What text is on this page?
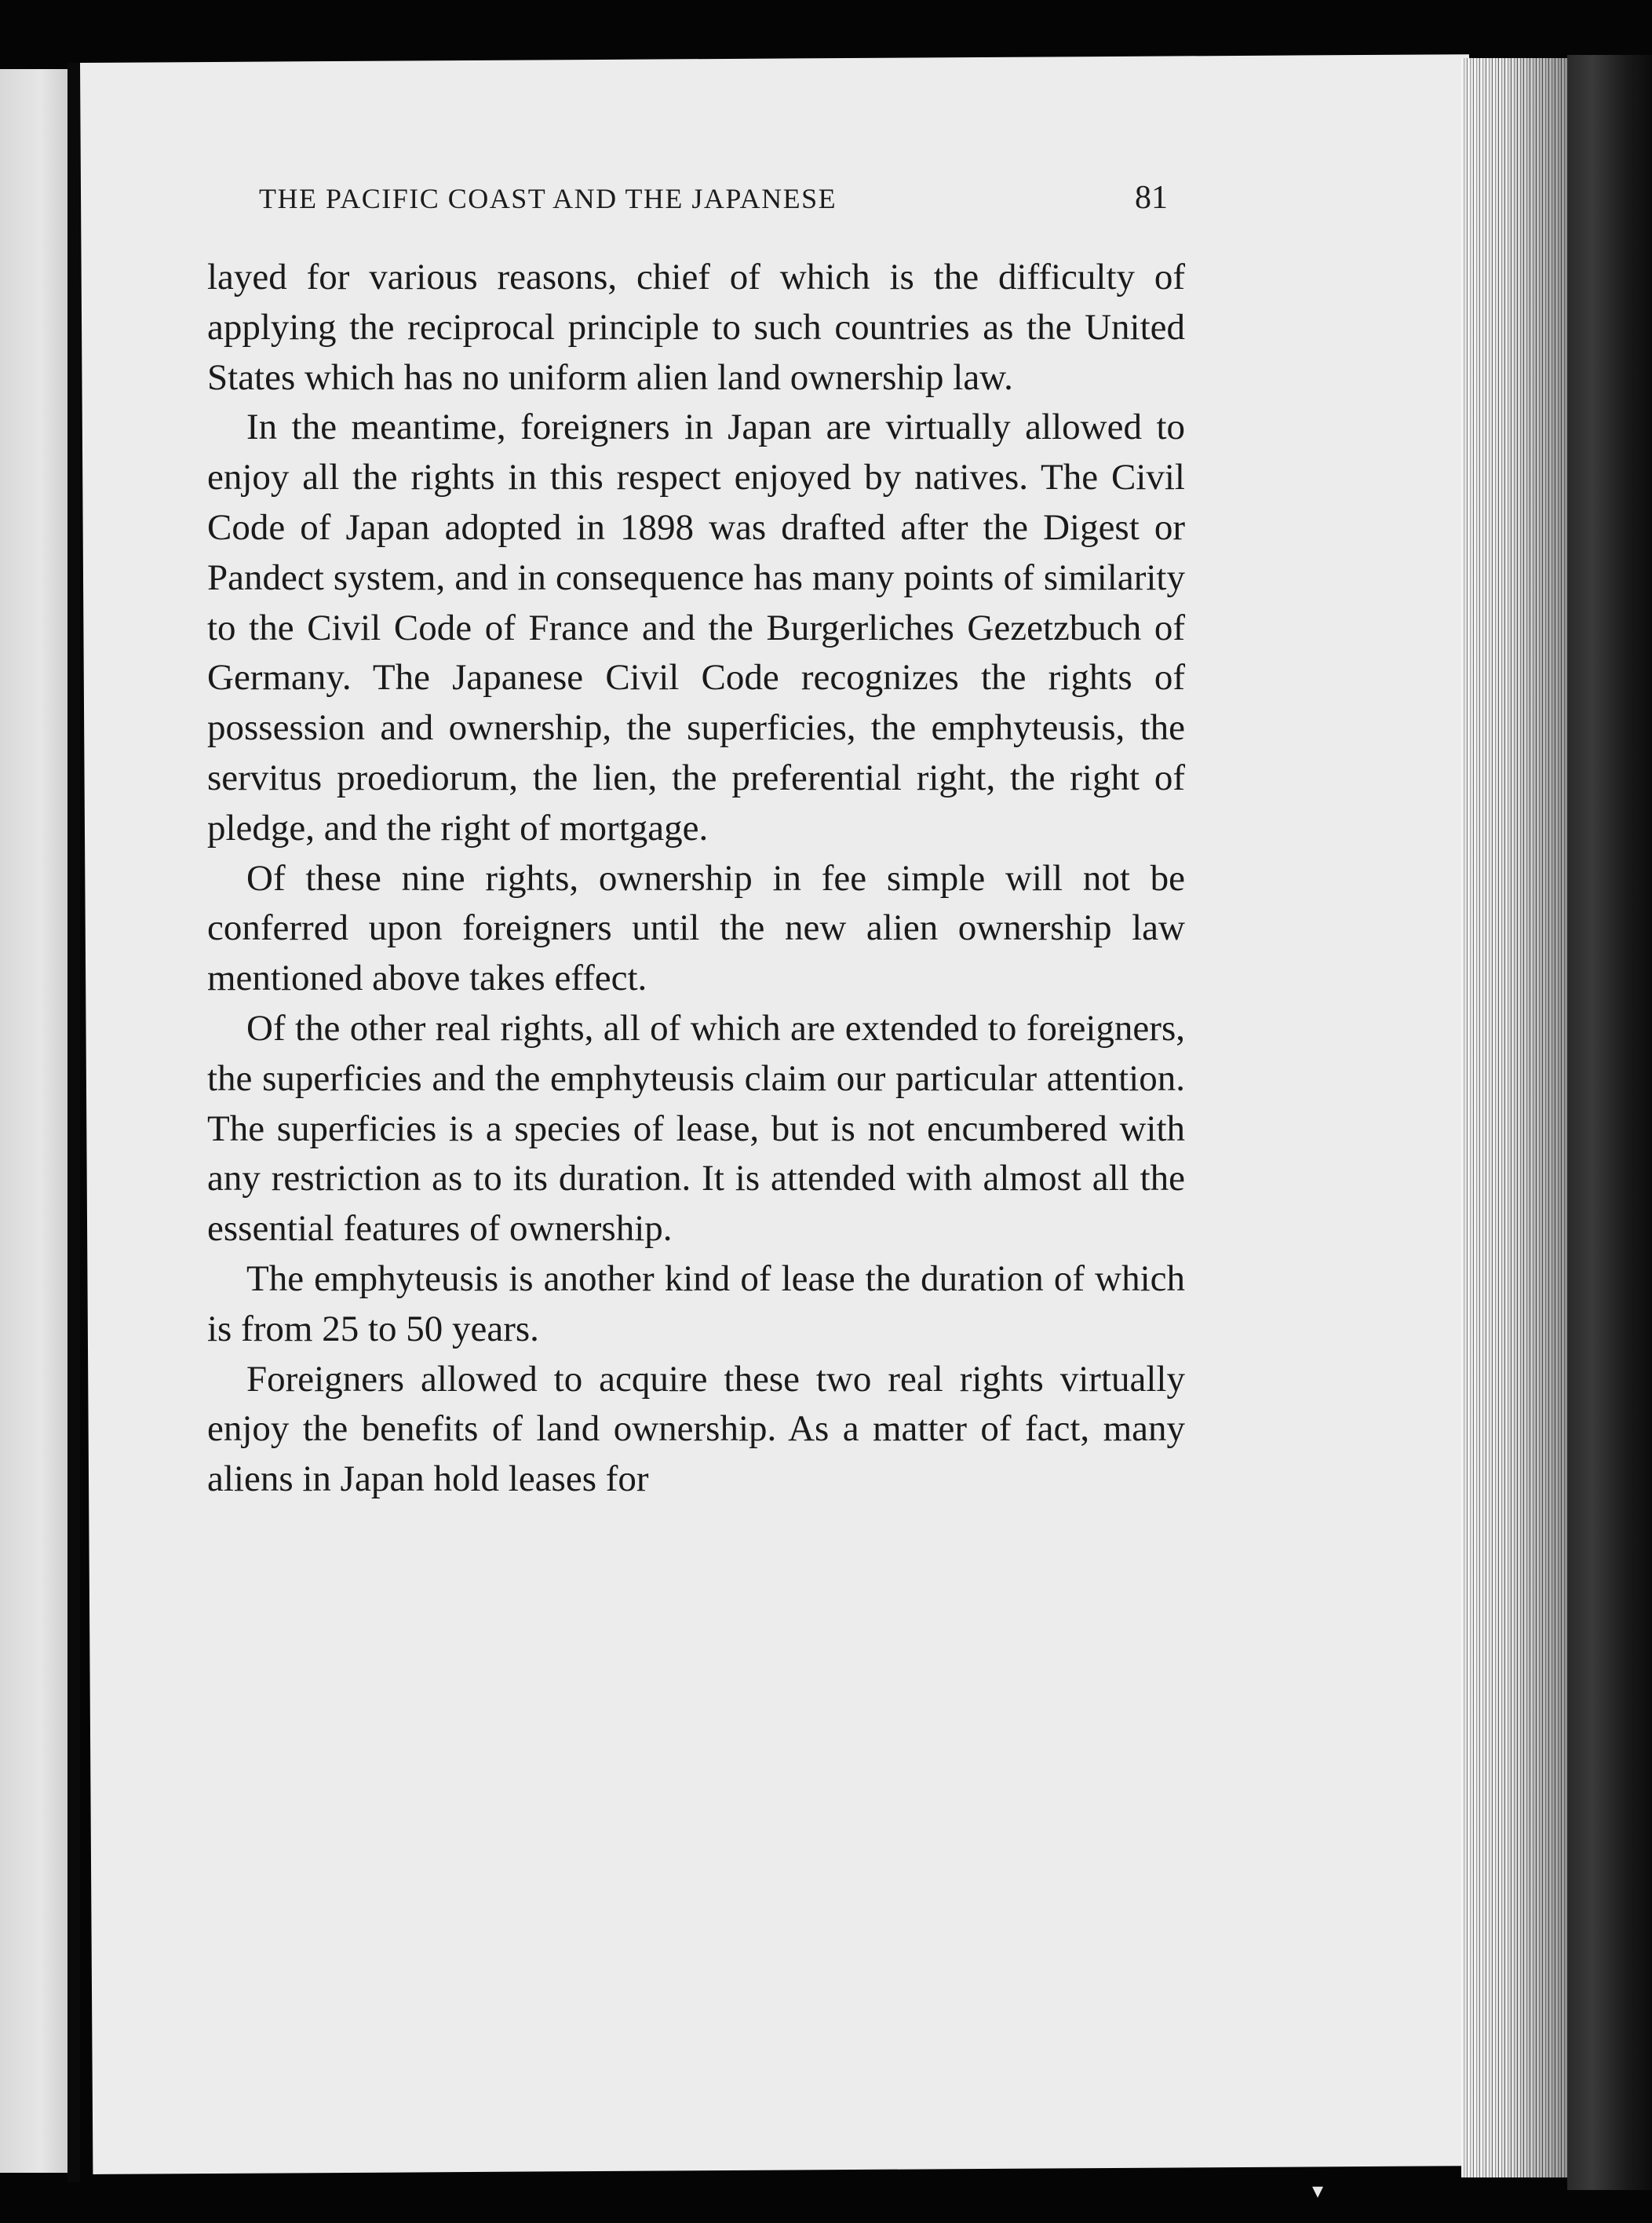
THE PACIFIC COAST AND THE JAPANESE	81

layed for various reasons, chief of which is the difficulty of applying the reciprocal principle to such countries as the United States which has no uniform alien land ownership law.

In the meantime, foreigners in Japan are virtually allowed to enjoy all the rights in this respect enjoyed by natives. The Civil Code of Japan adopted in 1898 was drafted after the Digest or Pandect system, and in consequence has many points of similarity to the Civil Code of France and the Burgerliches Gezetzbuch of Germany. The Japanese Civil Code recognizes the rights of possession and ownership, the superficies, the emphyteusis, the servitus proediorum, the lien, the preferential right, the right of pledge, and the right of mortgage.

Of these nine rights, ownership in fee simple will not be conferred upon foreigners until the new alien ownership law mentioned above takes effect.

Of the other real rights, all of which are extended to foreigners, the superficies and the emphyteusis claim our particular attention. The superficies is a species of lease, but is not encumbered with any restriction as to its duration. It is attended with almost all the essential features of ownership.

The emphyteusis is another kind of lease the duration of which is from 25 to 50 years.

Foreigners allowed to acquire these two real rights virtually enjoy the benefits of land ownership. As a matter of fact, many aliens in Japan hold leases for

▾
